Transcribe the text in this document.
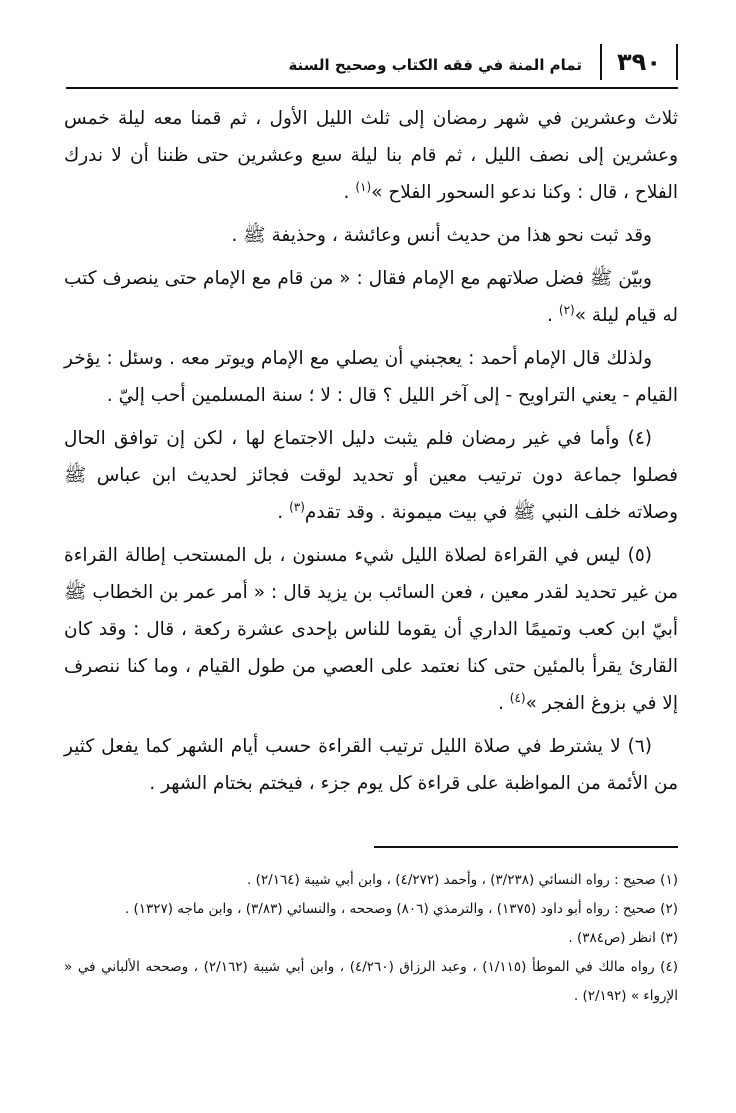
٣٩٠
تمام المنة في فقه الكتاب وصحيح السنة

ثلاث وعشرين في شهر رمضان إلى ثلث الليل الأول ، ثم قمنا معه ليلة خمس وعشرين إلى نصف الليل ، ثم قام بنا ليلة سبع وعشرين حتى ظننا أن لا ندرك الفلاح ، قال : وكنا ندعو السحور الفلاح »$^{(١)}$ .

وقد ثبت نحو هذا من حديث أنس وعائشة ، وحذيفة ﷺ .

وبيّن ﷺ فضل صلاتهم مع الإمام فقال : « من قام مع الإمام حتى ينصرف كتب له قيام ليلة »$^{(٢)}$ .

ولذلك قال الإمام أحمد : يعجبني أن يصلي مع الإمام ويوتر معه . وسئل : يؤخر القيام - يعني التراويح - إلى آخر الليل ؟ قال : لا ؛ سنة المسلمين أحب إليّ .

(٤) وأما في غير رمضان فلم يثبت دليل الاجتماع لها ، لكن إن توافق الحال فصلوا جماعة دون ترتيب معين أو تحديد لوقت فجائز لحديث ابن عباس ﷺ وصلاته خلف النبي ﷺ في بيت ميمونة . وقد تقدم$^{(٣)}$ .

(٥) ليس في القراءة لصلاة الليل شيء مسنون ، بل المستحب إطالة القراءة من غير تحديد لقدر معين ، فعن السائب بن يزيد قال : « أمر عمر بن الخطاب ﷺ أبيّ ابن كعب وتميمًا الداري أن يقوما للناس بإحدى عشرة ركعة ، قال : وقد كان القارئ يقرأ بالمئين حتى كنا نعتمد على العصي من طول القيام ، وما كنا ننصرف إلا في بزوغ الفجر »$^{(٤)}$ .

(٦) لا يشترط في صلاة الليل ترتيب القراءة حسب أيام الشهر كما يفعل كثير من الأئمة من المواظبة على قراءة كل يوم جزء ، فيختم بختام الشهر .

(١) صحيح : رواه النسائي (٣/٢٣٨) ، وأحمد (٤/٢٧٢) ، وابن أبي شيبة (٢/١٦٤) .

(٢) صحيح : رواه أبو داود (١٣٧٥) ، والترمذي (٨٠٦) وصححه ، والنسائي (٣/٨٣) ، وابن ماجه (١٣٢٧) .

(٣) انظر (ص٣٨٤) .

(٤) رواه مالك في الموطأ (١/١١٥) ، وعبد الرزاق (٤/٢٦٠) ، وابن أبي شيبة (٢/١٦٢) ، وصححه الألباني في « الإرواء » (٢/١٩٢) .
